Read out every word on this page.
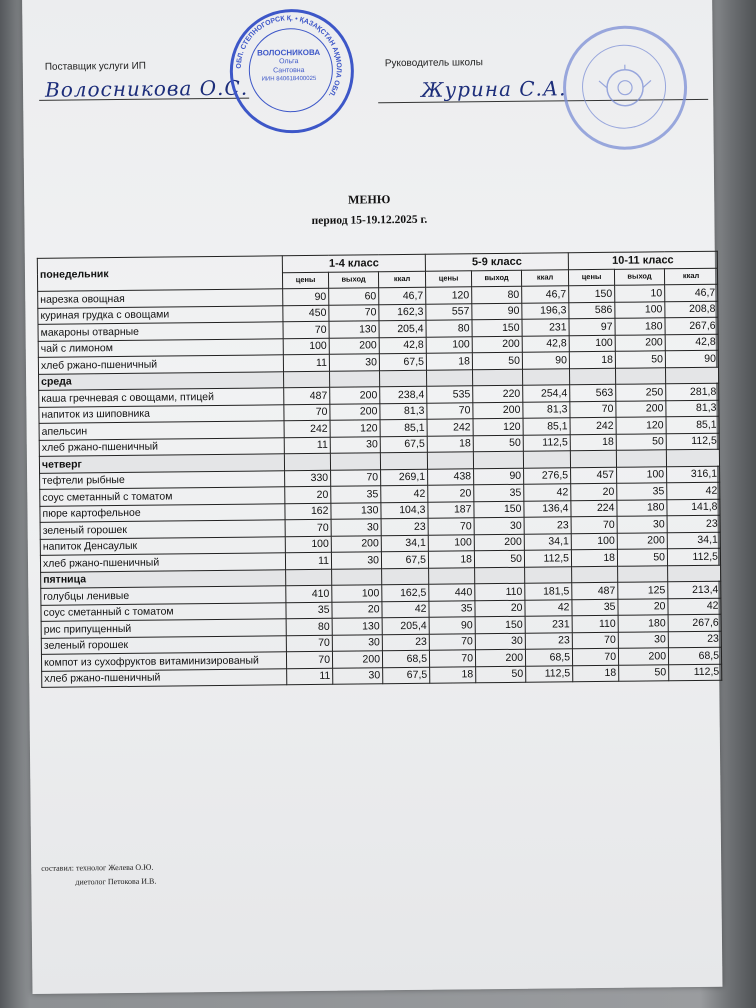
Поставщик услуги ИП
Волосникова О.С.
ОБЛ. СТЕПНОГОРСК Қ. • ҚАЗАҚСТАН АҚМОЛА ОБЛ.
ВОЛОСНИКОВА
Ольга
Сантовна
ИИН 840618400025
Руководитель школы
Журина С.А.
МЕНЮ
период 15-19.12.2025 г.
понедельник	1-4 класс			5-9 класс			10-11 класс		
	цены	выход	ккал	цены	выход	ккал	цены	выход	ккал
нарезка овощная	90	60	46,7	120	80	46,7	150	10	46,7
куриная грудка с овощами	450	70	162,3	557	90	196,3	586	100	208,8
макароны отварные	70	130	205,4	80	150	231	97	180	267,6
чай с лимоном	100	200	42,8	100	200	42,8	100	200	42,8
хлеб ржано-пшеничный	11	30	67,5	18	50	90	18	50	90
среда									
каша гречневая с овощами, птицей	487	200	238,4	535	220	254,4	563	250	281,8
напиток из шиповника	70	200	81,3	70	200	81,3	70	200	81,3
апельсин	242	120	85,1	242	120	85,1	242	120	85,1
хлеб ржано-пшеничный	11	30	67,5	18	50	112,5	18	50	112,5
четверг									
тефтели рыбные	330	70	269,1	438	90	276,5	457	100	316,1
соус сметанный с томатом	20	35	42	20	35	42	20	35	42
пюре картофельное	162	130	104,3	187	150	136,4	224	180	141,8
зеленый горошек	70	30	23	70	30	23	70	30	23
напиток Денсаулык	100	200	34,1	100	200	34,1	100	200	34,1
хлеб ржано-пшеничный	11	30	67,5	18	50	112,5	18	50	112,5
пятница									
голубцы ленивые	410	100	162,5	440	110	181,5	487	125	213,4
соус сметанный с томатом	35	20	42	35	20	42	35	20	42
рис припущенный	80	130	205,4	90	150	231	110	180	267,6
зеленый горошек	70	30	23	70	30	23	70	30	23
компот из сухофруктов витаминизированый	70	200	68,5	70	200	68,5	70	200	68,5
хлеб ржано-пшеничный	11	30	67,5	18	50	112,5	18	50	112,5
составил: технолог Желева О.Ю.
диетолог Петокова И.В.
